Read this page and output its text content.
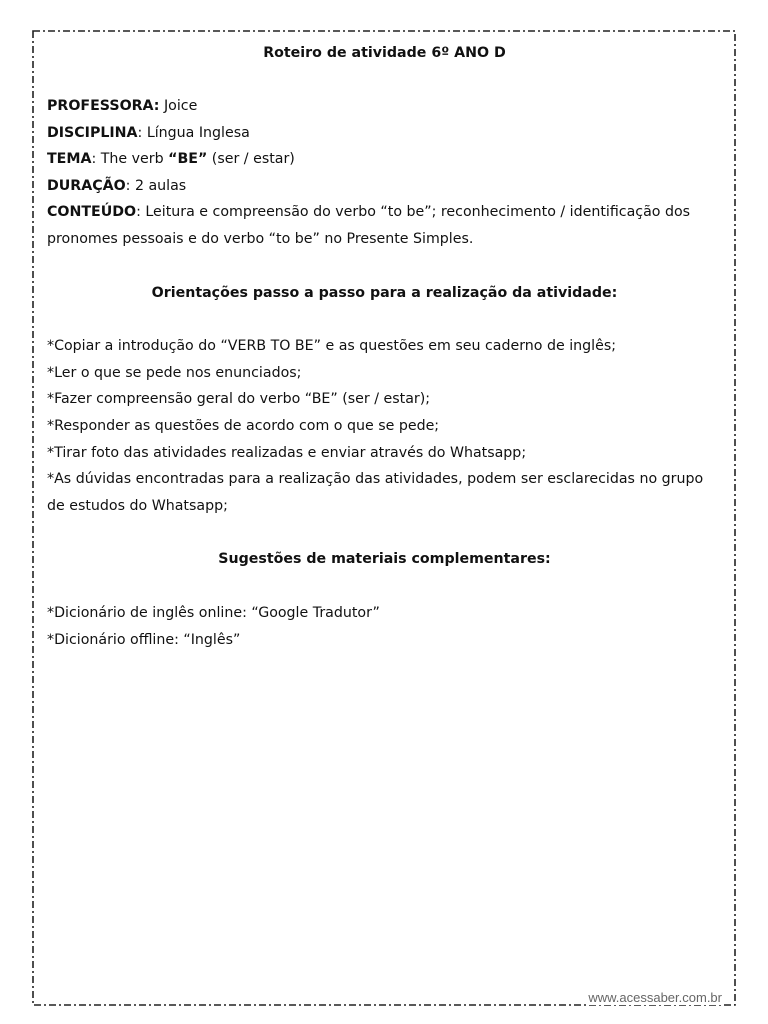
Roteiro de atividade 6º ANO D

PROFESSORA: Joice
DISCIPLINA: Língua Inglesa
TEMA: The verb “BE” (ser / estar)
DURAÇÃO: 2 aulas
CONTEÚDO: Leitura e compreensão do verbo “to be”; reconhecimento / identificação dos pronomes pessoais e do verbo “to be” no Presente Simples.

Orientações passo a passo para a realização da atividade:

*Copiar a introdução do “VERB TO BE” e as questões em seu caderno de inglês;
*Ler o que se pede nos enunciados;
*Fazer compreensão geral do verbo “BE” (ser / estar);
*Responder as questões de acordo com o que se pede;
*Tirar foto das atividades realizadas e enviar através do Whatsapp;
*As dúvidas encontradas para a realização das atividades, podem ser esclarecidas no grupo de estudos do Whatsapp;

Sugestões de materiais complementares:

*Dicionário de inglês online: “Google Tradutor”
*Dicionário offline: “Inglês”
www.acessaber.com.br
